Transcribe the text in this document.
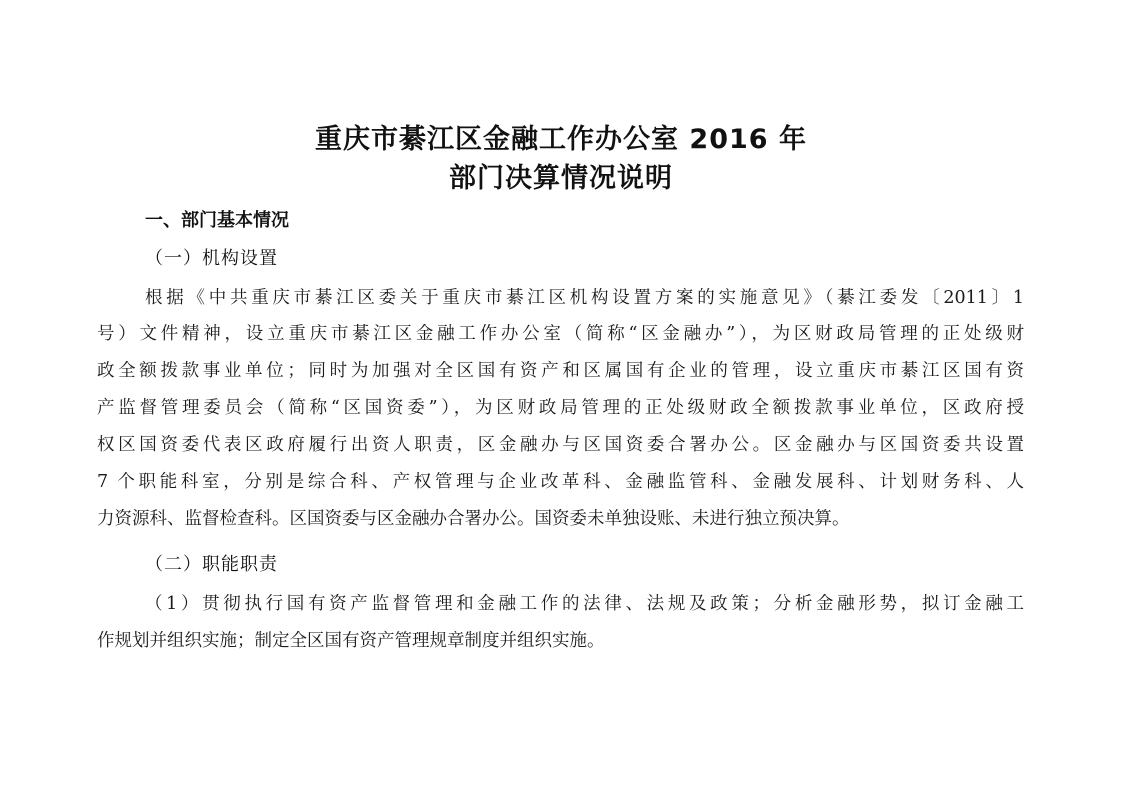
重庆市綦江区金融工作办公室 2016 年
部门决算情况说明
一、部门基本情况
（一）机构设置
根据《中共重庆市綦江区委关于重庆市綦江区机构设置方案的实施意见》（綦江委发〔2011〕1
号）文件精神，设立重庆市綦江区金融工作办公室（简称“区金融办”），为区财政局管理的正处级财
政全额拨款事业单位；同时为加强对全区国有资产和区属国有企业的管理，设立重庆市綦江区国有资
产监督管理委员会（简称“区国资委”），为区财政局管理的正处级财政全额拨款事业单位，区政府授
权区国资委代表区政府履行出资人职责，区金融办与区国资委合署办公。区金融办与区国资委共设置
7 个职能科室，分别是综合科、产权管理与企业改革科、金融监管科、金融发展科、计划财务科、人
力资源科、监督检查科。区国资委与区金融办合署办公。国资委未单独设账、未进行独立预决算。
（二）职能职责
（1）贯彻执行国有资产监督管理和金融工作的法律、法规及政策；分析金融形势，拟订金融工
作规划并组织实施；制定全区国有资产管理规章制度并组织实施。
